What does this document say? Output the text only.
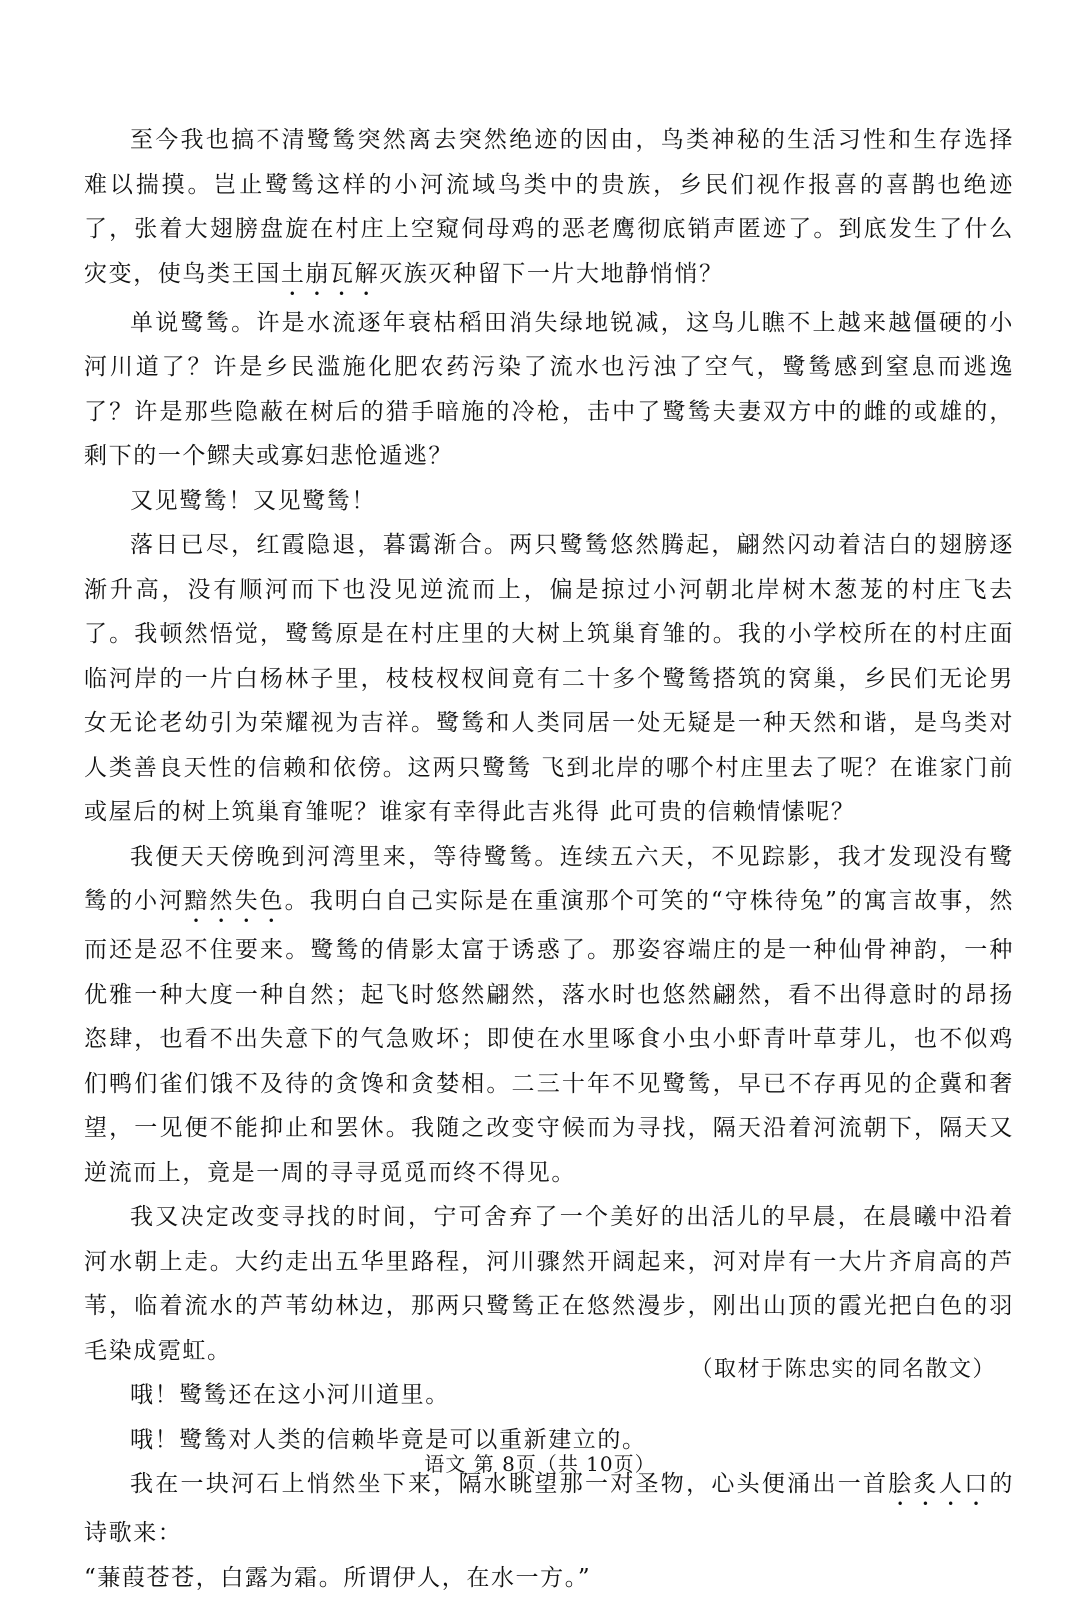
至今我也搞不清鹭鸶突然离去突然绝迹的因由，鸟类神秘的生活习性和生存选择难以揣摸。岂止鹭鸶这样的小河流域鸟类中的贵族，乡民们视作报喜的喜鹊也绝迹了，张着大翅膀盘旋在村庄上空窥伺母鸡的恶老鹰彻底销声匿迹了。到底发生了什么灾变，使鸟类王国土崩瓦解灭族灭种留下一片大地静悄悄？

单说鹭鸶。许是水流逐年衰枯稻田消失绿地锐减，这鸟儿瞧不上越来越僵硬的小河川道了？许是乡民滥施化肥农药污染了流水也污浊了空气，鹭鸶感到窒息而逃逸了？许是那些隐蔽在树后的猎手暗施的冷枪，击中了鹭鸶夫妻双方中的雌的或雄的，剩下的一个鳏夫或寡妇悲怆遁逃？

又见鹭鸶！又见鹭鸶！

落日已尽，红霞隐退，暮霭渐合。两只鹭鸶悠然腾起，翩然闪动着洁白的翅膀逐渐升高，没有顺河而下也没见逆流而上，偏是掠过小河朝北岸树木葱茏的村庄飞去了。我顿然悟觉，鹭鸶原是在村庄里的大树上筑巢育雏的。我的小学校所在的村庄面临河岸的一片白杨林子里，枝枝杈杈间竟有二十多个鹭鸶搭筑的窝巢，乡民们无论男女无论老幼引为荣耀视为吉祥。鹭鸶和人类同居一处无疑是一种天然和谐，是鸟类对人类善良天性的信赖和依傍。这两只鹭鸶 飞到北岸的哪个村庄里去了呢？在谁家门前或屋后的树上筑巢育雏呢？谁家有幸得此吉兆得 此可贵的信赖情愫呢？

我便天天傍晚到河湾里来，等待鹭鸶。连续五六天，不见踪影，我才发现没有鹭鸶的小河黯然失色。我明白自己实际是在重演那个可笑的“守株待兔”的寓言故事，然而还是忍不住要来。鹭鸶的倩影太富于诱惑了。那姿容端庄的是一种仙骨神韵，一种优雅一种大度一种自然；起飞时悠然翩然，落水时也悠然翩然，看不出得意时的昂扬恣肆，也看不出失意下的气急败坏；即使在水里啄食小虫小虾青叶草芽儿，也不似鸡们鸭们雀们饿不及待的贪馋和贪婪相。二三十年不见鹭鸶，早已不存再见的企冀和奢望，一见便不能抑止和罢休。我随之改变守候而为寻找，隔天沿着河流朝下，隔天又逆流而上，竟是一周的寻寻觅觅而终不得见。

我又决定改变寻找的时间，宁可舍弃了一个美好的出活儿的早晨，在晨曦中沿着河水朝上走。大约走出五华里路程，河川骤然开阔起来，河对岸有一大片齐肩高的芦苇，临着流水的芦苇幼林边，那两只鹭鸶正在悠然漫步，刚出山顶的霞光把白色的羽毛染成霓虹。

哦！鹭鸶还在这小河川道里。

哦！鹭鸶对人类的信赖毕竟是可以重新建立的。

我在一块河石上悄然坐下来，隔水眺望那一对圣物，心头便涌出一首脍炙人口的诗歌来：

“蒹葭苍苍，白露为霜。所谓伊人，在水一方。”

（取材于陈忠实的同名散文）
语文 第 8页（共 10页）
